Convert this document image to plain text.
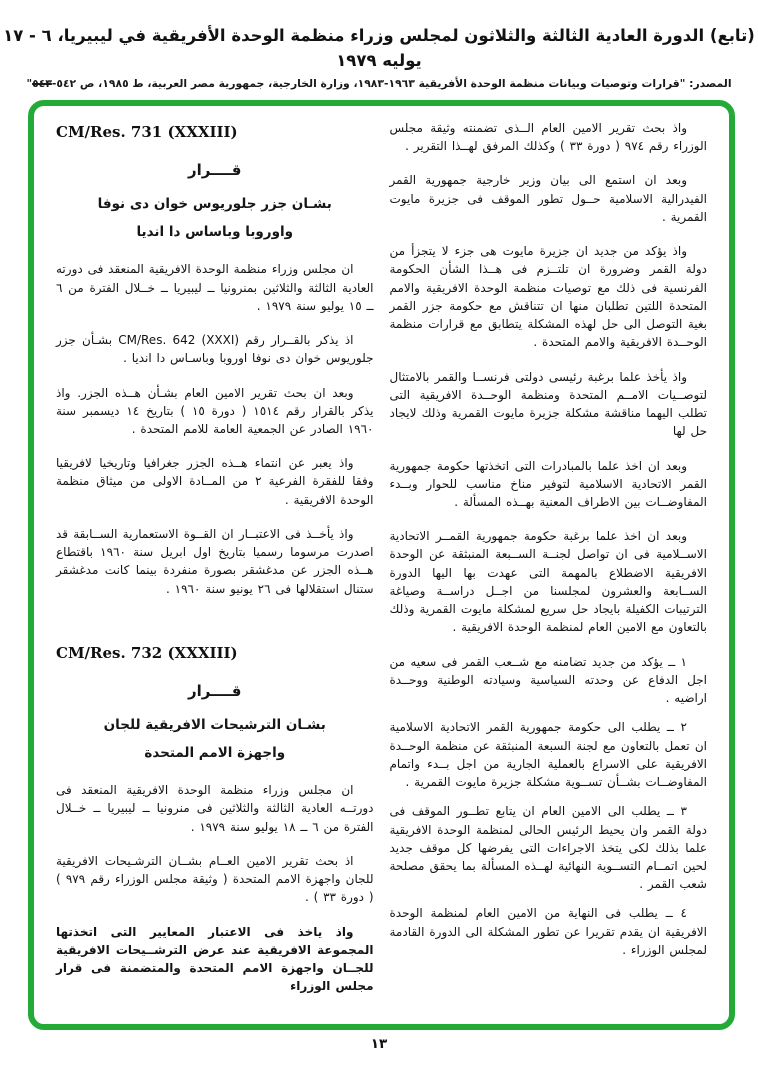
(تابع) الدورة العادية الثالثة والثلاثون لمجلس وزراء منظمة الوحدة الأفريقية في ليبيريا، ٦ - ١٧ يوليه ١٩٧٩
المصدر: "قرارات وتوصيات وبيانات منظمة الوحدة الأفريقية ١٩٦٣-١٩٨٣، وزارة الخارجية، جمهورية مصر العربية، ط ١٩٨٥، ص ٥٤٢-٥٤٣"

واذ بحث تقرير الامين العام الــذى تضمنته وثيقة مجلس الوزراء رقم ٩٧٤ ( دورة ٣٣ ) وكذلك المرفق لهــذا التقرير .

وبعد ان استمع الى بيان وزير خارجية جمهورية القمر الفيدرالية الاسلامية حــول تطور الموقف فى جزيرة مايوت القمرية .

واذ يؤكد من جديد ان جزيرة مايوت هى جزء لا يتجزأ من دولة القمر وضرورة ان تلتــزم فى هــذا الشأن الحكومة الفرنسية فى ذلك مع توصيات منظمة الوحدة الافريقية والامم المتحدة اللتين تطلبان منها ان تتناقش مع حكومة جزر القمر بغية التوصل الى حل لهذه المشكلة يتطابق مع قرارات منظمة الوحــدة الافريقية والامم المتحدة .

واذ يأخذ علما برغبة رئيسى دولتى فرنســا والقمر بالامتثال لتوصــيات الامــم المتحدة ومنظمة الوحــدة الافريقية التى تطلب اليهما مناقشة مشكلة جزيرة مايوت القمرية وذلك لايجاد حل لها

وبعد ان اخذ علما بالمبادرات التى اتخذتها حكومة جمهورية القمر الاتحادية الاسلامية لتوفير مناخ مناسب للحوار وبــدء المفاوضــات بين الاطراف المعنية بهــذه المسألة .

وبعد ان اخذ علما برغبة حكومة جمهورية القمــر الاتحادية الاســلامية فى ان تواصل لجنــة الســبعة المنبثقة عن الوحدة الافريقية الاضطلاع بالمهمة التى عهدت بها اليها الدورة الســابعة والعشرون لمجلسنا من اجــل دراســة وصياغة الترتيبات الكفيلة بايجاد حل سريع لمشكلة مايوت القمرية وذلك بالتعاون مع الامين العام لمنظمة الوحدة الافريقية .

١ ــ يؤكد من جديد تضامنه مع شــعب القمر فى سعيه من اجل الدفاع عن وحدته السياسية وسيادته الوطنية ووحــدة اراضيه .

٢ ــ يطلب الى حكومة جمهورية القمر الاتحادية الاسلامية ان تعمل بالتعاون مع لجنة السبعة المنبثقة عن منظمة الوحــدة الافريقية على الاسراع بالعملية الجارية من اجل بــدء واتمام المفاوضــات بشــأن تســوية مشكلة جزيرة مايوت القمرية .

٣ ــ يطلب الى الامين العام ان يتابع تطــور الموقف فى دولة القمر وان يحيط الرئيس الحالى لمنظمة الوحدة الافريقية علما بذلك لكى يتخذ الاجراءات التى يفرضها كل موقف جديد لحين اتمــام التســوية النهائية لهــذه المسألة بما يحقق مصلحة شعب القمر .

٤ ــ يطلب فى النهاية من الامين العام لمنظمة الوحدة الافريقية ان يقدم تقريرا عن تطور المشكلة الى الدورة القادمة لمجلس الوزراء .

CM/Res. 731 (XXXIII)
قــــرار
بشـان جزر جلوريوس خوان دى نوفا
واوروبا وباساس دا انديا

ان مجلس وزراء منظمة الوحدة الافريقية المنعقد فى دورته العادية الثالثة والثلاثين بمنرونيا ــ ليبيريا ــ خــلال الفترة من ٦ ــ ١٥ يوليو سنة ١٩٧٩ .

اذ يذكر بالقــرار رقم CM/Res. 642 (XXXI) بشـأن جزر جلوريوس خوان دى نوفا اوروبا وباسـاس دا انديا .

وبعد ان بحث تقرير الامين العام بشـأن هــذه الجزر. واذ يذكر بالقرار رقم ١٥١٤ ( دورة ١٥ ) بتاريخ ١٤ ديسمبر سنة ١٩٦٠ الصادر عن الجمعية العامة للامم المتحدة .

واذ يعبر عن انتماء هــذه الجزر جغرافيا وتاريخيا لافريقيا وفقا للفقرة الفرعية ٢ من المــادة الاولى من ميثاق منظمة الوحدة الافريقية .

واذ يأخــذ فى الاعتبــار ان القــوة الاستعمارية الســابقة قد اصدرت مرسوما رسميا بتاريخ اول ابريل سنة ١٩٦٠ باقتطاع هــذه الجزر عن مدغشقر بصورة منفردة بينما كانت مدغشقر ستنال استقلالها فى ٢٦ يونيو سنة ١٩٦٠ .

CM/Res. 732 (XXXIII)
قــــرار
بشـان الترشيحات الافريقية للجان
واجهزة الامم المتحدة

ان مجلس وزراء منظمة الوحدة الافريقية المنعقد فى دورتــه العادية الثالثة والثلاثين فى منرونيا ــ ليبيريا ــ خــلال الفترة من ٦ ــ ١٨ يوليو سنة ١٩٧٩ .

اذ بحث تقرير الامين العــام بشــان الترشـيحات الافريقية للجان واجهزة الامم المتحدة ( وثيقة مجلس الوزراء رقم ٩٧٩ ) ( دورة ٣٣ ) .

واذ ياخذ فى الاعتبار المعايير التى اتخذتها المجموعة الافريقية عند عرض الترشــيحات الافريقية للجــان واجهزة الامم المتحدة والمتضمنة فى قرار مجلس الوزراء

١٣
